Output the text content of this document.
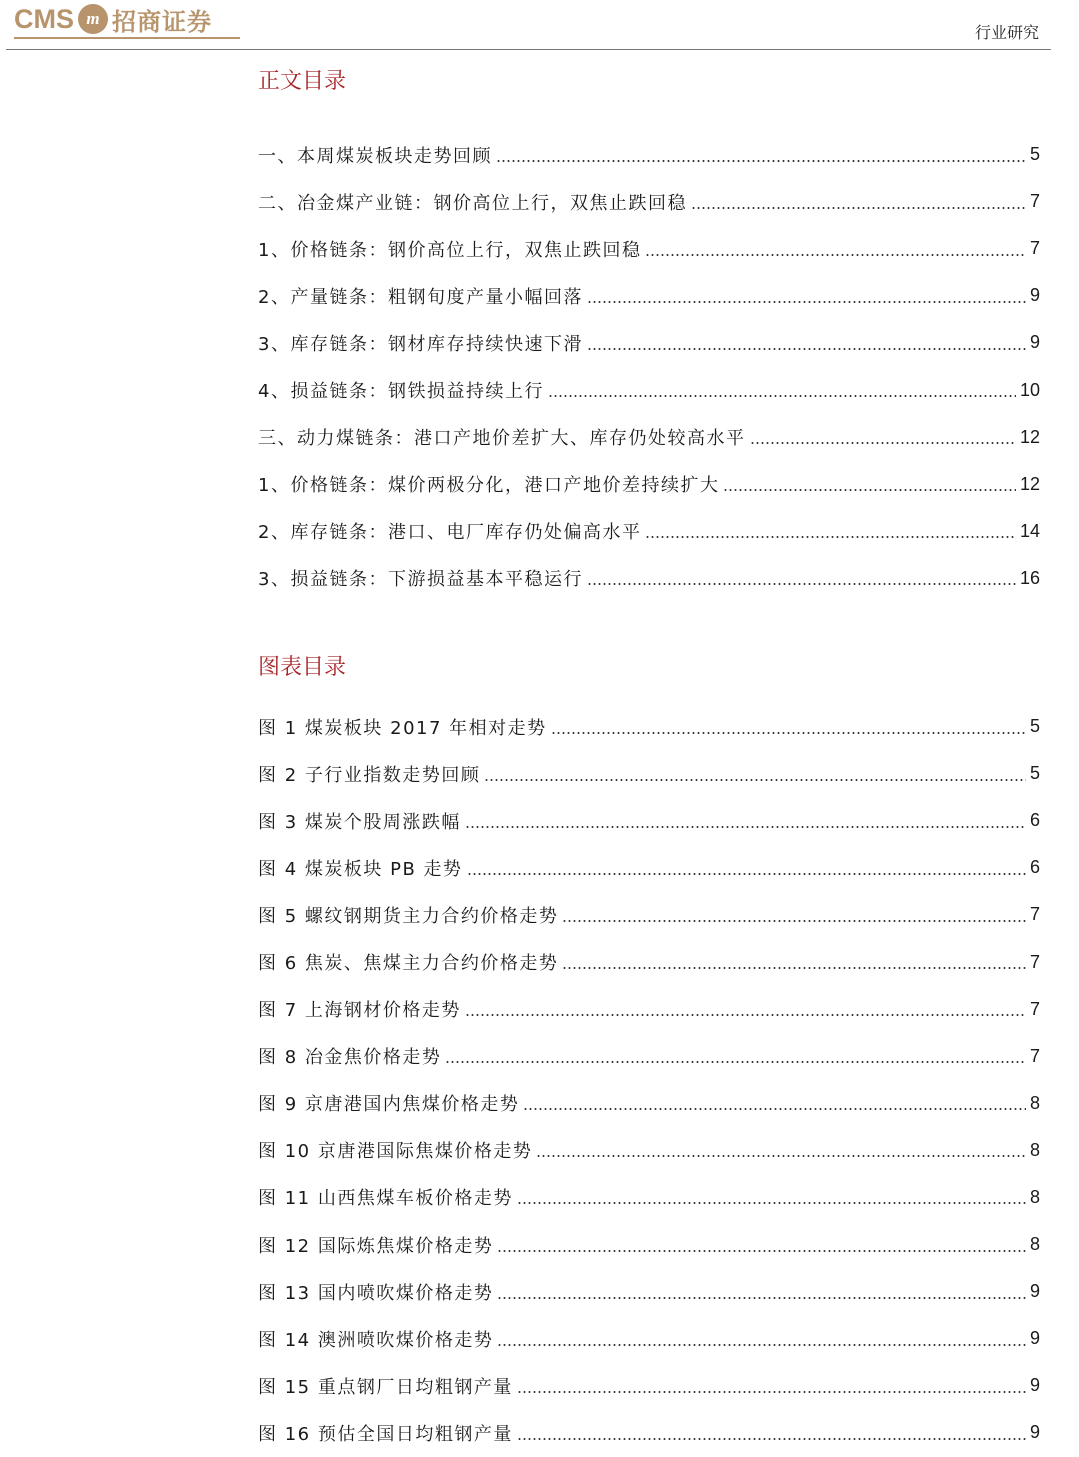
CMS m 招商证券	行业研究
正文目录
一、本周煤炭板块走势回顾	5
二、冶金煤产业链：钢价高位上行，双焦止跌回稳	7
1、价格链条：钢价高位上行，双焦止跌回稳	7
2、产量链条：粗钢旬度产量小幅回落	9
3、库存链条：钢材库存持续快速下滑	9
4、损益链条：钢铁损益持续上行	10
三、动力煤链条：港口产地价差扩大、库存仍处较高水平	12
1、价格链条：煤价两极分化，港口产地价差持续扩大	12
2、库存链条：港口、电厂库存仍处偏高水平	14
3、损益链条：下游损益基本平稳运行	16
图表目录
图 1 煤炭板块 2017 年相对走势	5
图 2 子行业指数走势回顾	5
图 3 煤炭个股周涨跌幅	6
图 4 煤炭板块 PB 走势	6
图 5 螺纹钢期货主力合约价格走势	7
图 6 焦炭、焦煤主力合约价格走势	7
图 7 上海钢材价格走势	7
图 8 冶金焦价格走势	7
图 9 京唐港国内焦煤价格走势	8
图 10 京唐港国际焦煤价格走势	8
图 11 山西焦煤车板价格走势	8
图 12 国际炼焦煤价格走势	8
图 13 国内喷吹煤价格走势	9
图 14 澳洲喷吹煤价格走势	9
图 15 重点钢厂日均粗钢产量	9
图 16 预估全国日均粗钢产量	9
